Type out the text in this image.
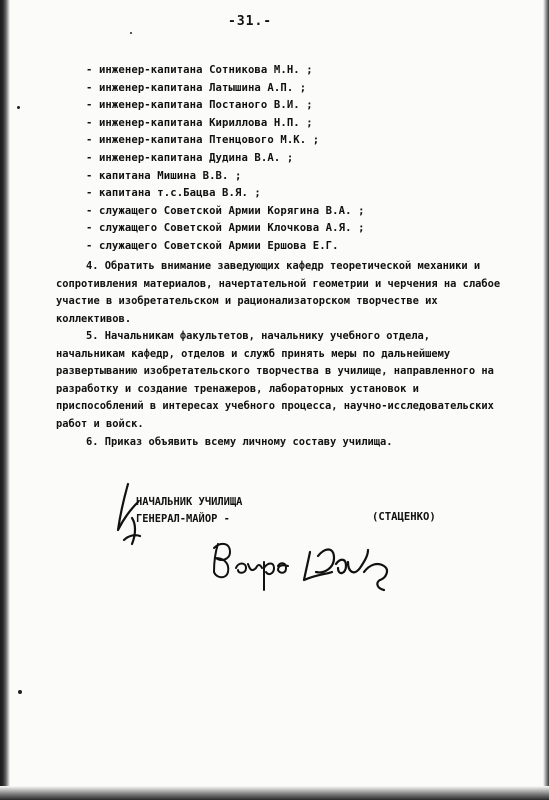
-31.-
- инженер-капитана Сотникова М.Н. ;
- инженер-капитана Латышина А.П. ;
- инженер-капитана Постаного В.И. ;
- инженер-капитана Кириллова Н.П. ;
- инженер-капитана Птенцового М.К. ;
- инженер-капитана Дудина В.А. ;
- капитана Мишина В.В. ;
- капитана т.с.Бацва В.Я. ;
- служащего Советской Армии Корягина В.А. ;
- служащего Советской Армии Клочкова А.Я. ;
- служащего Советской Армии Ершова Е.Г.

4. Обратить внимание заведующих кафедр теоретической механики и сопротивления материалов, начертательной геометрии и черчения на слабое участие в изобретательском и рационализаторском творчестве их коллективов.

5. Начальникам факультетов, начальнику учебного отдела, начальникам кафедр, отделов и служб принять меры по дальнейшему развертыванию изобретательского творчества в училище, направленного на разработку и создание тренажеров, лабораторных установок и приспособлений в интересах учебного процесса, научно-исследовательских работ и войск.

6. Приказ объявить всему личному составу училища.

НАЧАЛЬНИК УЧИЛИЩА
ГЕНЕРАЛ-МАЙОР -	(СТАЦЕНКО)
